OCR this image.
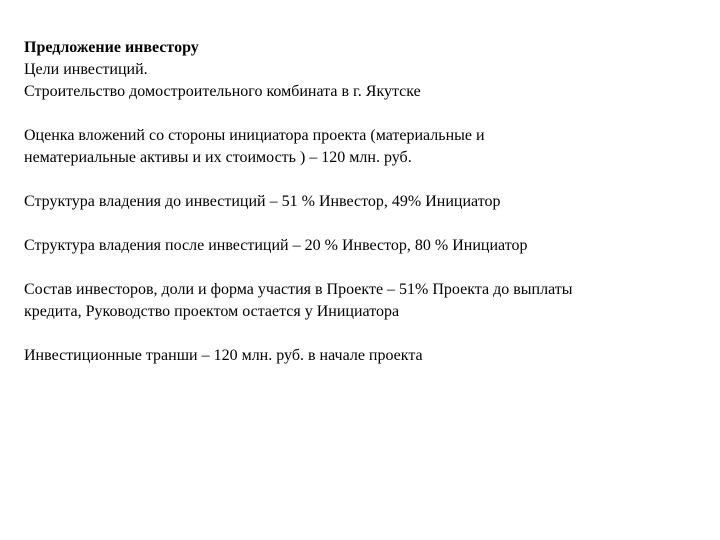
Предложение инвестору
Цели инвестиций.
Строительство домостроительного комбината в г. Якутске
Оценка вложений со стороны инициатора проекта (материальные и
нематериальные активы и их стоимость ) – 120 млн. руб.
Структура владения до инвестиций – 51 % Инвестор, 49% Инициатор
Структура владения после инвестиций – 20 % Инвестор, 80 % Инициатор
Состав инвесторов, доли и форма участия в Проекте – 51% Проекта до выплаты
кредита, Руководство проектом остается у Инициатора
Инвестиционные транши – 120 млн. руб. в начале проекта
